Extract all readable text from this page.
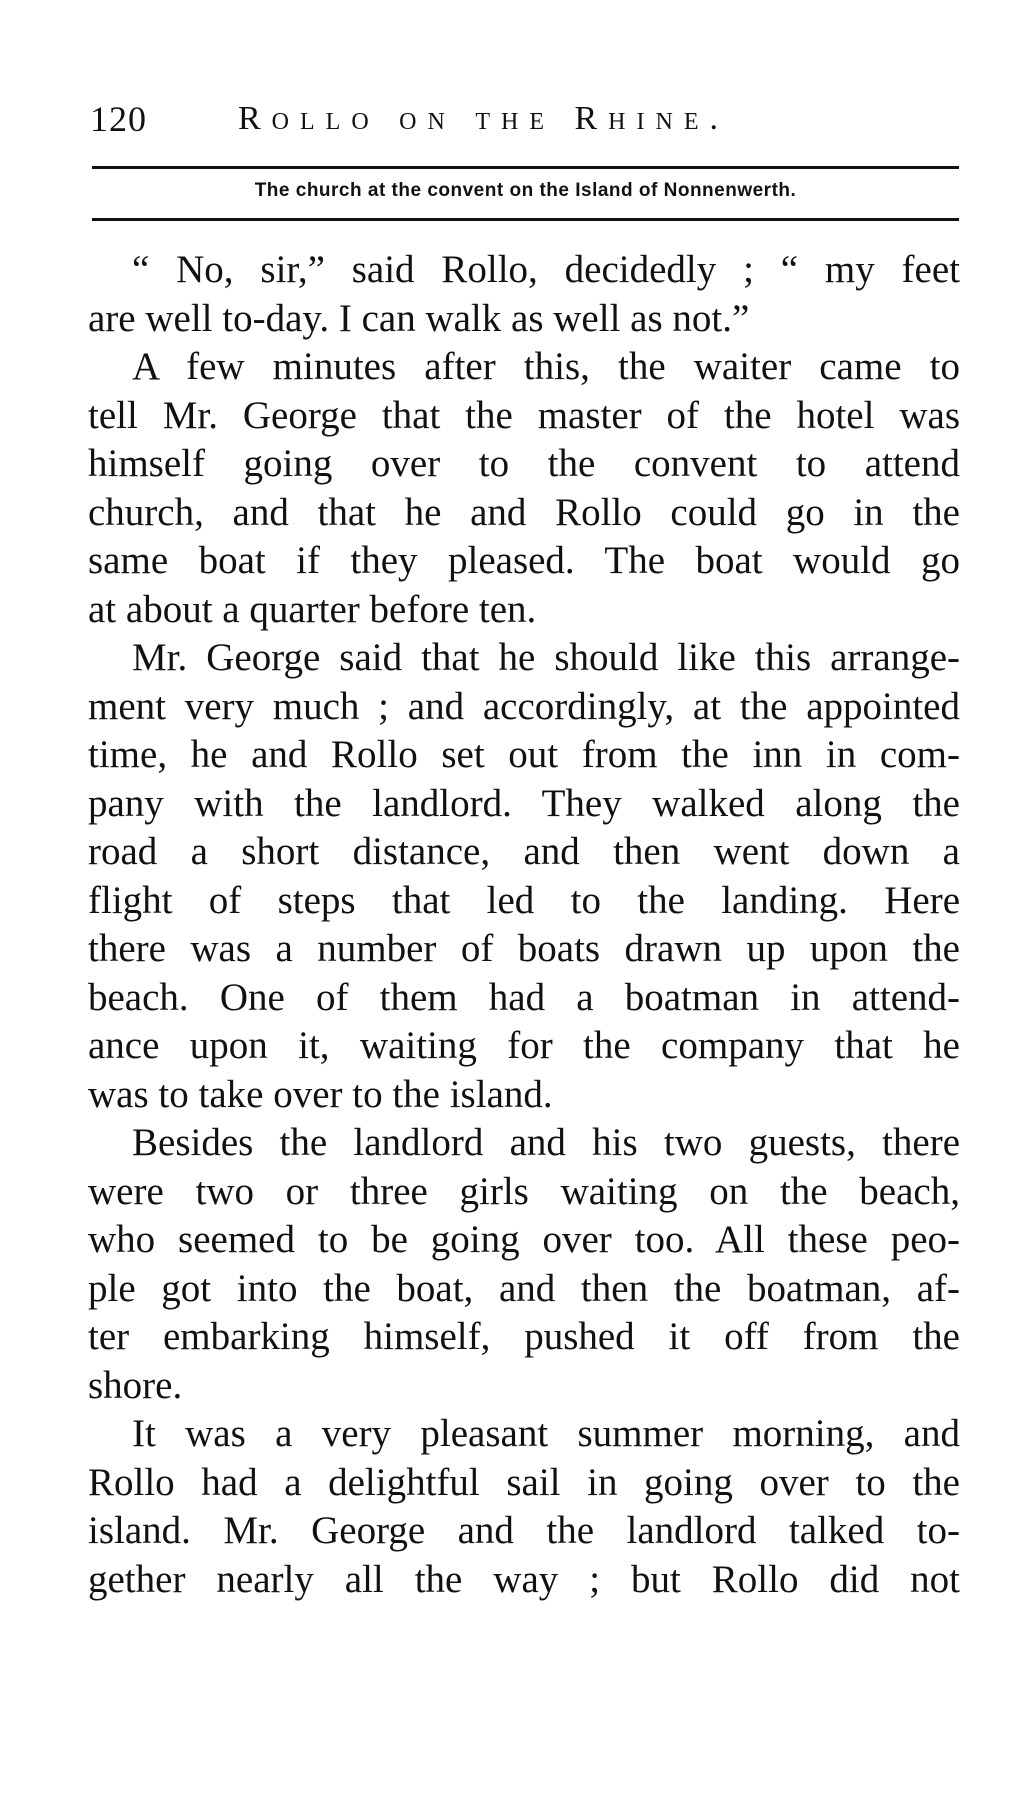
120	Rollo on the Rhine.
The church at the convent on the Island of Nonnenwerth.
“ No, sir,” said Rollo, decidedly ; “ my feet
are well to-day. I can walk as well as not.”
A few minutes after this, the waiter came to
tell Mr. George that the master of the hotel was
himself going over to the convent to attend
church, and that he and Rollo could go in the
same boat if they pleased. The boat would go
at about a quarter before ten.
Mr. George said that he should like this arrange-
ment very much ; and accordingly, at the appointed
time, he and Rollo set out from the inn in com-
pany with the landlord. They walked along the
road a short distance, and then went down a
flight of steps that led to the landing. Here
there was a number of boats drawn up upon the
beach. One of them had a boatman in attend-
ance upon it, waiting for the company that he
was to take over to the island.
Besides the landlord and his two guests, there
were two or three girls waiting on the beach,
who seemed to be going over too. All these peo-
ple got into the boat, and then the boatman, af-
ter embarking himself, pushed it off from the
shore.
It was a very pleasant summer morning, and
Rollo had a delightful sail in going over to the
island. Mr. George and the landlord talked to-
gether nearly all the way ; but Rollo did not
